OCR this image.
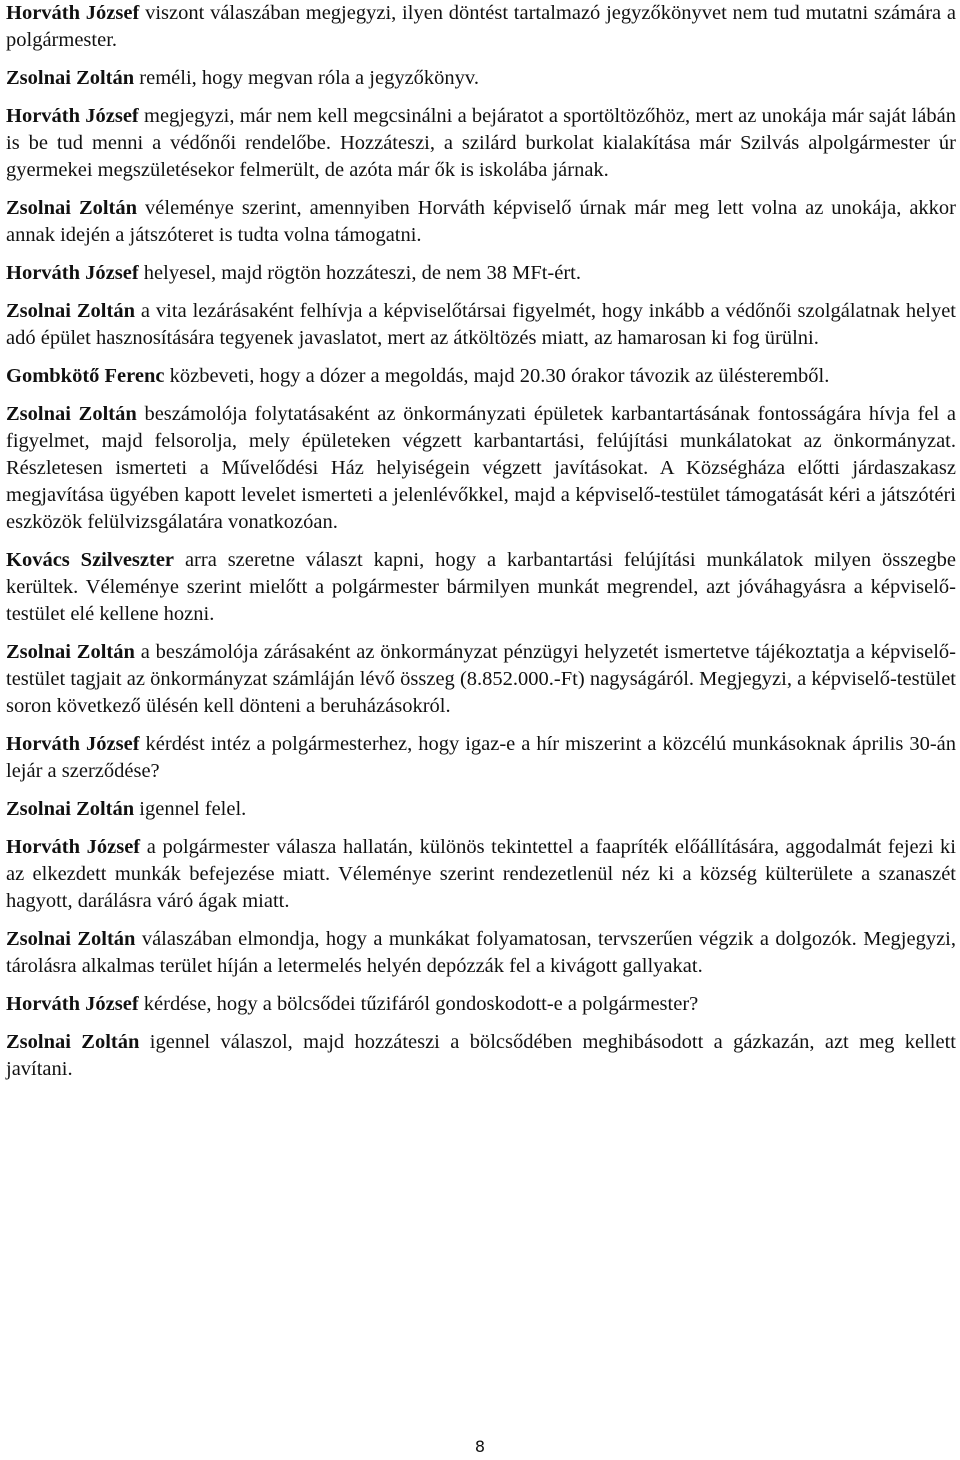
Horváth József viszont válaszában megjegyzi, ilyen döntést tartalmazó jegyzőkönyvet nem tud mutatni számára a polgármester.

Zsolnai Zoltán reméli, hogy megvan róla a jegyzőkönyv.

Horváth József megjegyzi, már nem kell megcsinálni a bejáratot a sportöltözőhöz, mert az unokája már saját lábán is be tud menni a védőnői rendelőbe. Hozzáteszi, a szilárd burkolat kialakítása már Szilvás alpolgármester úr gyermekei megszületésekor felmerült, de azóta már ők is iskolába járnak.

Zsolnai Zoltán véleménye szerint, amennyiben Horváth képviselő úrnak már meg lett volna az unokája, akkor annak idején a játszóteret is tudta volna támogatni.

Horváth József helyesel, majd rögtön hozzáteszi, de nem 38 MFt-ért.

Zsolnai Zoltán a vita lezárásaként felhívja a képviselőtársai figyelmét, hogy inkább a védőnői szolgálatnak helyet adó épület hasznosítására tegyenek javaslatot, mert az átköltözés miatt, az hamarosan ki fog ürülni.

Gombkötő Ferenc közbeveti, hogy a dózer a megoldás, majd 20.30 órakor távozik az ülésteremből.

Zsolnai Zoltán beszámolója folytatásaként az önkormányzati épületek karbantartásának fontosságára hívja fel a figyelmet, majd felsorolja, mely épületeken végzett karbantartási, felújítási munkálatokat az önkormányzat. Részletesen ismerteti a Művelődési Ház helyiségein végzett javításokat. A Községháza előtti járdaszakasz megjavítása ügyében kapott levelet ismerteti a jelenlévőkkel, majd a képviselő-testület támogatását kéri a játszótéri eszközök felülvizsgálatára vonatkozóan.

Kovács Szilveszter arra szeretne választ kapni, hogy a karbantartási felújítási munkálatok milyen összegbe kerültek. Véleménye szerint mielőtt a polgármester bármilyen munkát megrendel, azt jóváhagyásra a képviselő-testület elé kellene hozni.

Zsolnai Zoltán a beszámolója zárásaként az önkormányzat pénzügyi helyzetét ismertetve tájékoztatja a képviselő-testület tagjait az önkormányzat számláján lévő összeg (8.852.000.-Ft) nagyságáról. Megjegyzi, a képviselő-testület soron következő ülésén kell dönteni a beruházásokról.

Horváth József kérdést intéz a polgármesterhez, hogy igaz-e a hír miszerint a közcélú munkásoknak április 30-án lejár a szerződése?

Zsolnai Zoltán igennel felel.

Horváth József a polgármester válasza hallatán, különös tekintettel a faapríték előállítására, aggodalmát fejezi ki az elkezdett munkák befejezése miatt. Véleménye szerint rendezetlenül néz ki a község külterülete a szanaszét hagyott, darálásra váró ágak miatt.

Zsolnai Zoltán válaszában elmondja, hogy a munkákat folyamatosan, tervszerűen végzik a dolgozók. Megjegyzi, tárolásra alkalmas terület híján a letermelés helyén depózzák fel a kivágott gallyakat.

Horváth József kérdése, hogy a bölcsődei tűzifáról gondoskodott-e a polgármester?

Zsolnai Zoltán igennel válaszol, majd hozzáteszi a bölcsődében meghibásodott a gázkazán, azt meg kellett javítani.

8
